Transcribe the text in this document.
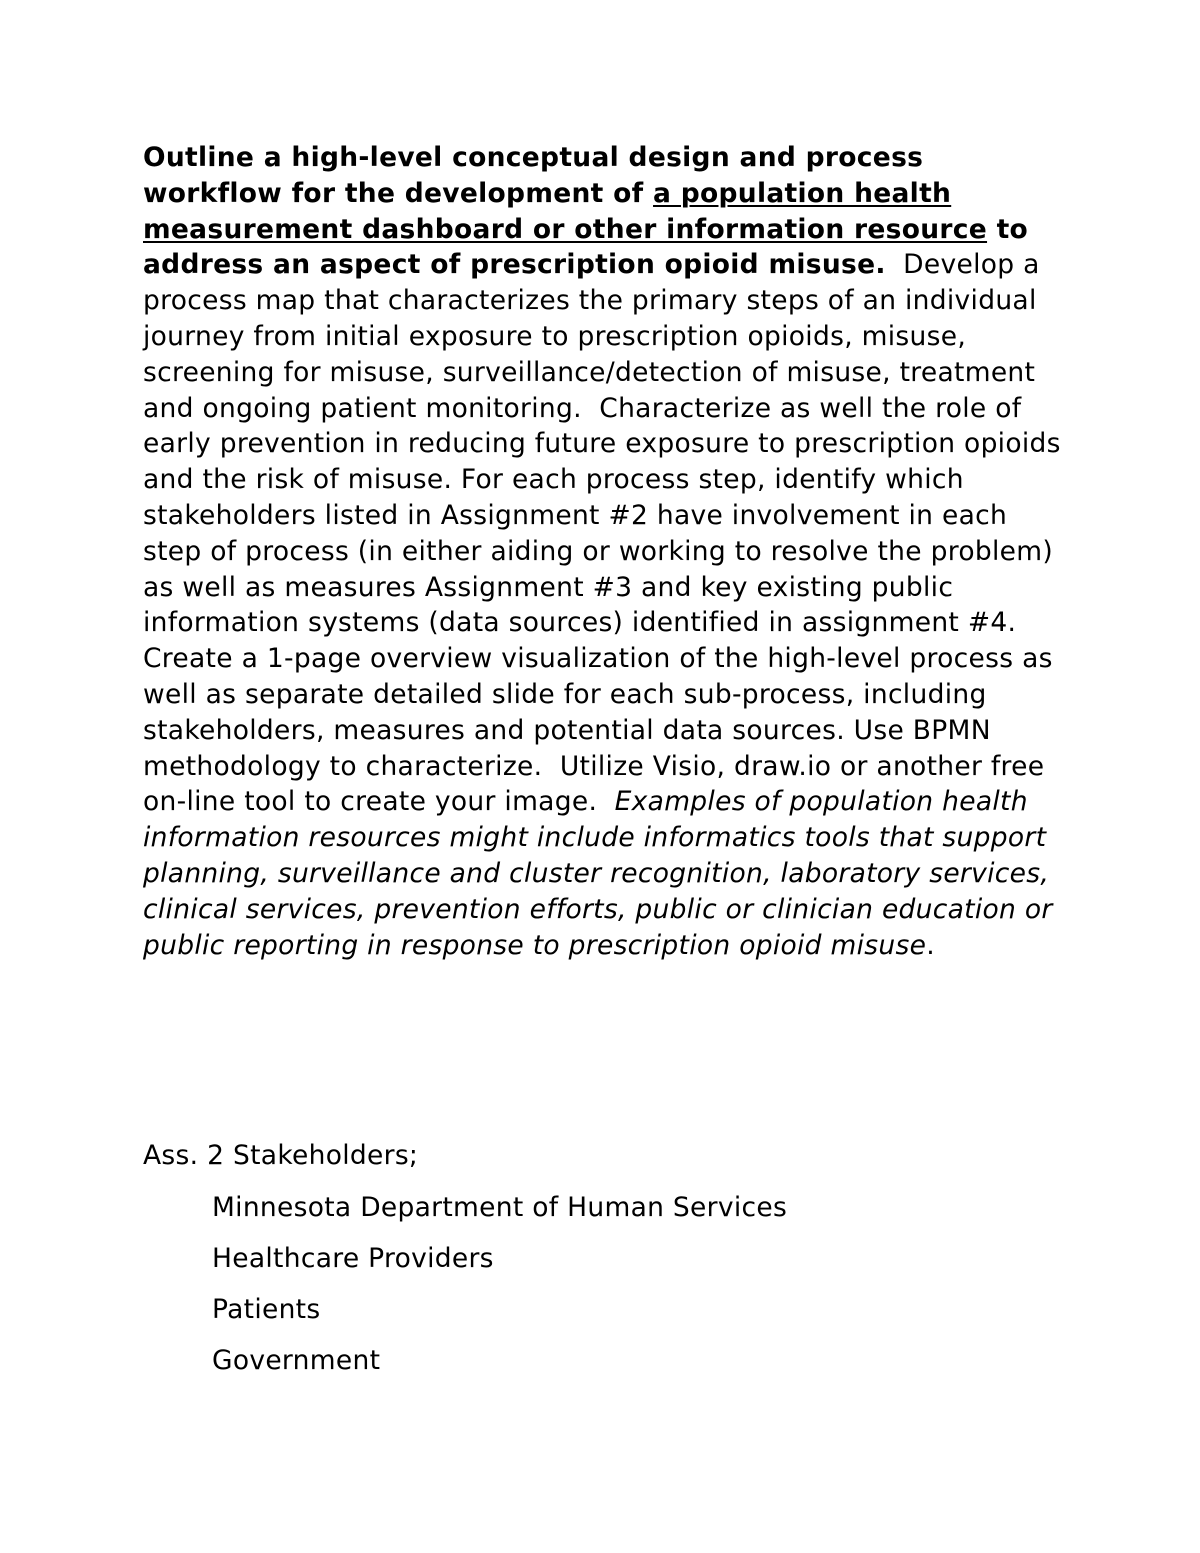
Outline a high-level conceptual design and process workflow for the development of a population health measurement dashboard or other information resource to address an aspect of prescription opioid misuse.  Develop a process map that characterizes the primary steps of an individual journey from initial exposure to prescription opioids, misuse, screening for misuse, surveillance/detection of misuse, treatment and ongoing patient monitoring.  Characterize as well the role of early prevention in reducing future exposure to prescription opioids and the risk of misuse. For each process step, identify which stakeholders listed in Assignment #2 have involvement in each step of process (in either aiding or working to resolve the problem) as well as measures Assignment #3 and key existing public information systems (data sources) identified in assignment #4.  Create a 1-page overview visualization of the high-level process as well as separate detailed slide for each sub-process, including stakeholders, measures and potential data sources. Use BPMN methodology to characterize.  Utilize Visio, draw.io or another free on-line tool to create your image.  Examples of population health information resources might include informatics tools that support planning, surveillance and cluster recognition, laboratory services, clinical services, prevention efforts, public or clinician education or public reporting in response to prescription opioid misuse.

Ass. 2 Stakeholders;
Minnesota Department of Human Services
Healthcare Providers
Patients
Government
